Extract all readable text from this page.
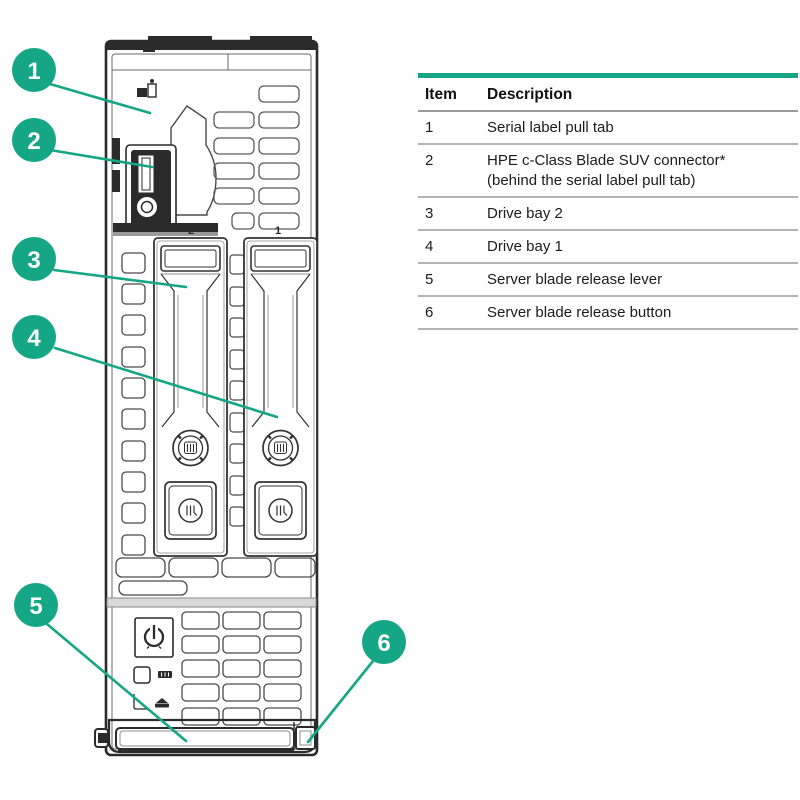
2	1
1
2
3
4
5
6
Item	Description
1	Serial label pull tab
2	HPE c-Class Blade SUV connector*
(behind the serial label pull tab)

3	Drive bay 2
4	Drive bay 1
5	Server blade release lever
6	Server blade release button
